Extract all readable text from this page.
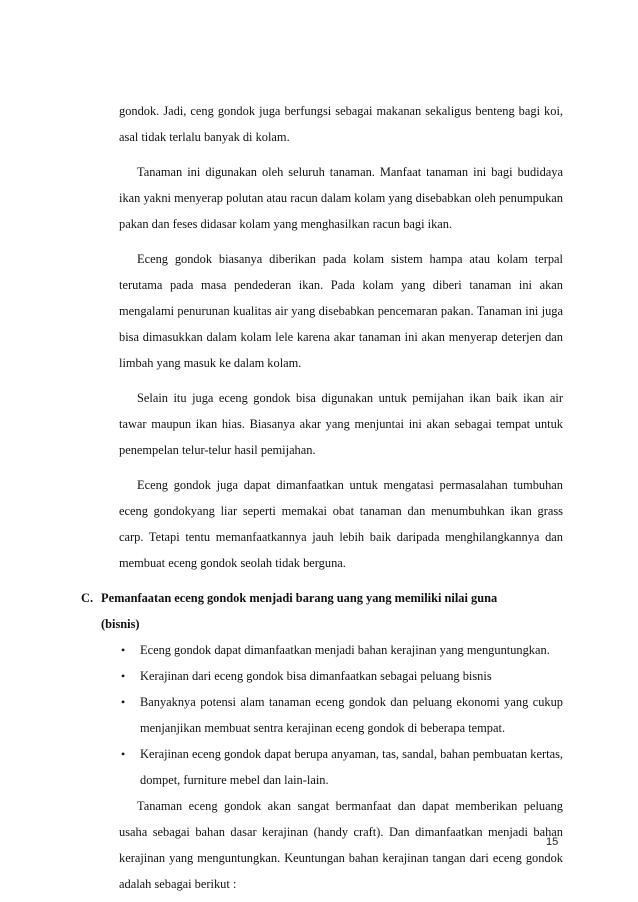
gondok. Jadi, ceng gondok juga berfungsi sebagai makanan sekaligus benteng bagi koi, asal tidak terlalu banyak di kolam.

Tanaman ini digunakan oleh seluruh tanaman. Manfaat tanaman ini bagi budidaya ikan yakni menyerap polutan atau racun dalam kolam yang disebabkan oleh penumpukan pakan dan feses didasar kolam yang menghasilkan racun bagi ikan.

Eceng gondok biasanya diberikan pada kolam sistem hampa atau kolam terpal terutama pada masa pendederan ikan. Pada kolam yang diberi tanaman ini akan mengalami penurunan kualitas air yang disebabkan pencemaran pakan. Tanaman ini juga bisa dimasukkan dalam kolam lele karena akar tanaman ini akan menyerap deterjen dan limbah yang masuk ke dalam kolam.

Selain itu juga eceng gondok bisa digunakan untuk pemijahan ikan baik ikan air tawar maupun ikan hias. Biasanya akar yang menjuntai ini akan sebagai tempat untuk penempelan telur-telur hasil pemijahan.

Eceng gondok juga dapat dimanfaatkan untuk mengatasi permasalahan tumbuhan eceng gondokyang liar seperti memakai obat tanaman dan menumbuhkan ikan grass carp. Tetapi tentu memanfaatkannya jauh lebih baik daripada menghilangkannya dan membuat eceng gondok seolah tidak berguna.

C. Pemanfaatan eceng gondok menjadi barang uang yang memiliki nilai guna
(bisnis)
• Eceng gondok dapat dimanfaatkan menjadi bahan kerajinan yang menguntungkan.
• Kerajinan dari eceng gondok bisa dimanfaatkan sebagai peluang bisnis
• Banyaknya potensi alam tanaman eceng gondok dan peluang ekonomi yang cukup menjanjikan membuat sentra kerajinan eceng gondok di beberapa tempat.
• Kerajinan eceng gondok dapat berupa anyaman, tas, sandal, bahan pembuatan kertas, dompet, furniture mebel dan lain-lain.

Tanaman eceng gondok akan sangat bermanfaat dan dapat memberikan peluang usaha sebagai bahan dasar kerajinan (handy craft). Dan dimanfaatkan menjadi bahan kerajinan yang menguntungkan. Keuntungan bahan kerajinan tangan dari eceng gondok adalah sebagai berikut :

15
